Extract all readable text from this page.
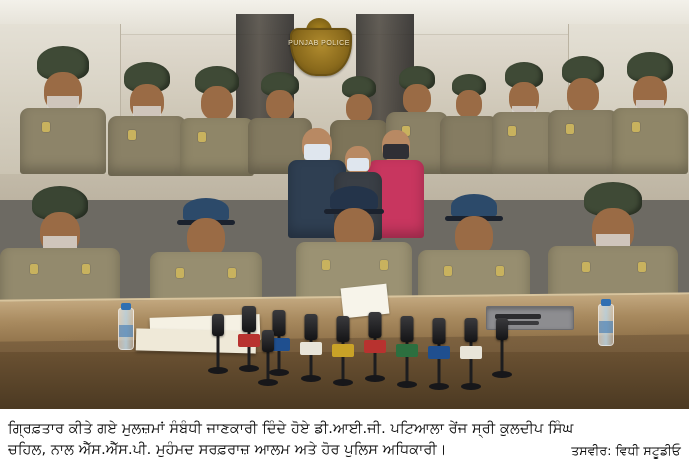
PUNJAB POLICE
ਗ੍ਰਿਫ਼ਤਾਰ ਕੀਤੇ ਗਏ ਮੁਲਜ਼ਮਾਂ ਸੰਬੰਧੀ ਜਾਣਕਾਰੀ ਦਿੰਦੇ ਹੋਏ ਡੀ.ਆਈ.ਜੀ. ਪਟਿਆਲਾ ਰੇਂਜ ਸ੍ਰੀ ਕੁਲਦੀਪ ਸਿੰਘ
ਤਸਵੀਰ: ਵਿਧੀ ਸਟੂਡੀਓ
ਚਹਿਲ, ਨਾਲ ਐੱਸ.ਐੱਸ.ਪੀ. ਮੁਹੰਮਦ ਸਰਫ਼ਰਾਜ਼ ਆਲਮ ਅਤੇ ਹੋਰ ਪੁਲਿਸ ਅਧਿਕਾਰੀ।
